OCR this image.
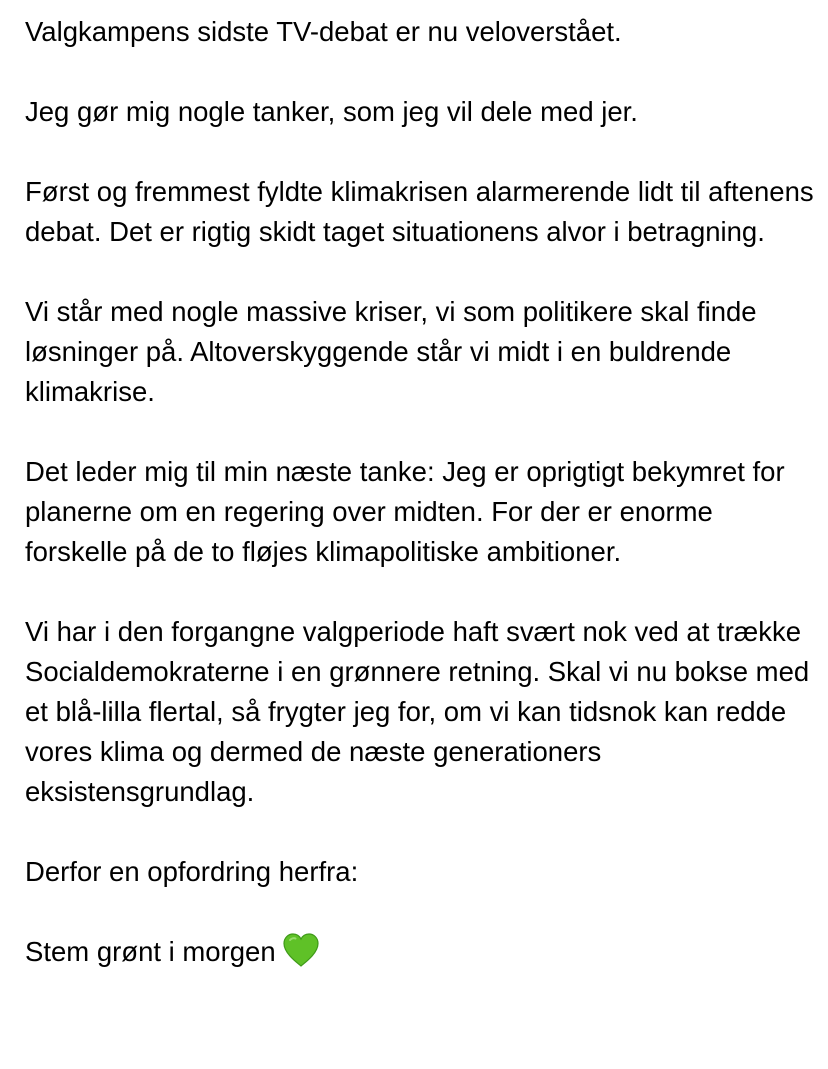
Valgkampens sidste TV-debat er nu veloverstået.

Jeg gør mig nogle tanker, som jeg vil dele med jer.

Først og fremmest fyldte klimakrisen alarmerende lidt til aftenens debat. Det er rigtig skidt taget situationens alvor i betragning.

Vi står med nogle massive kriser, vi som politikere skal finde løsninger på. Altoverskyggende står vi midt i en buldrende klimakrise.

Det leder mig til min næste tanke: Jeg er oprigtigt bekymret for planerne om en regering over midten. For der er enorme forskelle på de to fløjes klimapolitiske ambitioner.

Vi har i den forgangne valgperiode haft svært nok ved at trække Socialdemokraterne i en grønnere retning. Skal vi nu bokse med et blå-lilla flertal, så frygter jeg for, om vi kan tidsnok kan redde vores klima og dermed de næste generationers eksistensgrundlag.

Derfor en opfordring herfra:

Stem grønt i morgen
